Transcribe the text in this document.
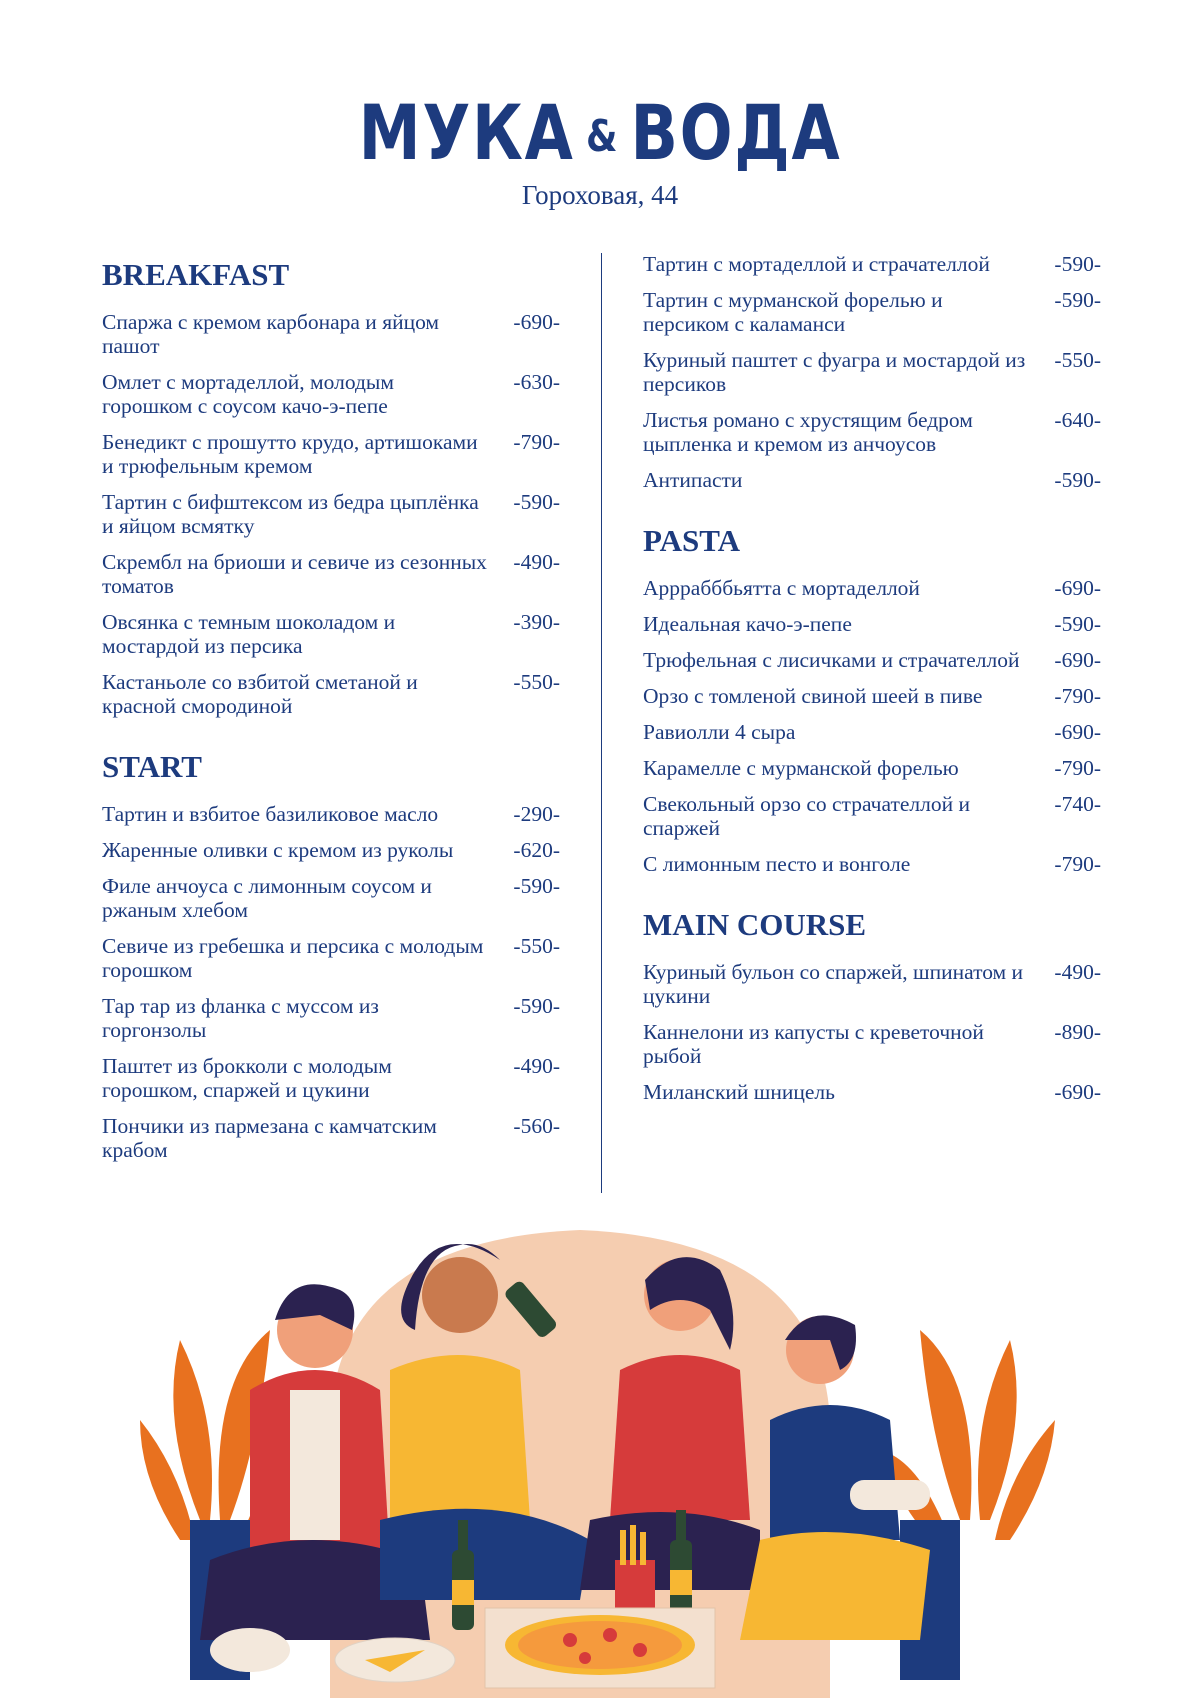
МУКА & ВОДА
Гороховая, 44
BREAKFAST
Спаржа с кремом карбонара и яйцом пашот
-690-
Омлет с мортаделлой, молодым горошком с соусом качо-э-пепе
-630-
Бенедикт с прошутто крудо, артишоками и трюфельным кремом
-790-
Тартин с бифштексом из бедра цыплёнка и яйцом всмятку
-590-
Скрембл на бриоши и севиче из сезонных томатов
-490-
Овсянка с темным шоколадом и мостардой из персика
-390-
Кастаньоле со взбитой сметаной и красной смородиной
-550-
START
Тартин и взбитое базиликовое масло	-290-
Жаренные оливки с кремом из руколы	-620-
Филе анчоуса с лимонным соусом и ржаным хлебом
-590-
Севиче из гребешка и персика с молодым горошком
-550-
Тар тар из фланка с муссом из горгонзолы
-590-
Паштет из брокколи с молодым горошком, спаржей и цукини
-490-
Пончики из пармезана с камчатским крабом
-560-
Тартин с мортаделлой и страчателлой	-590-
Тартин с мурманской форелью и персиком с каламанси
-590-
Куриный паштет с фуагра и мостардой из персиков
-550-
Листья романо с хрустящим бедром цыпленка и кремом из анчоусов
-640-
Антипасти	-590-
PASTA
Арррабббьятта с мортаделлой	-690-
Идеальная качо-э-пепе	-590-
Трюфельная с лисичками и страчателлой	-690-
Орзо с томленой свиной шеей в пиве	-790-
Равиолли 4 сыра	-690-
Карамелле с мурманской форелью	-790-
Свекольный орзо со страчателлой и спаржей
-740-
С лимонным песто и вонголе	-790-
MAIN COURSE
Куриный бульон со спаржей, шпинатом и цукини
-490-
Каннелони из капусты с креветочной рыбой
-890-
Миланский шницель	-690-
